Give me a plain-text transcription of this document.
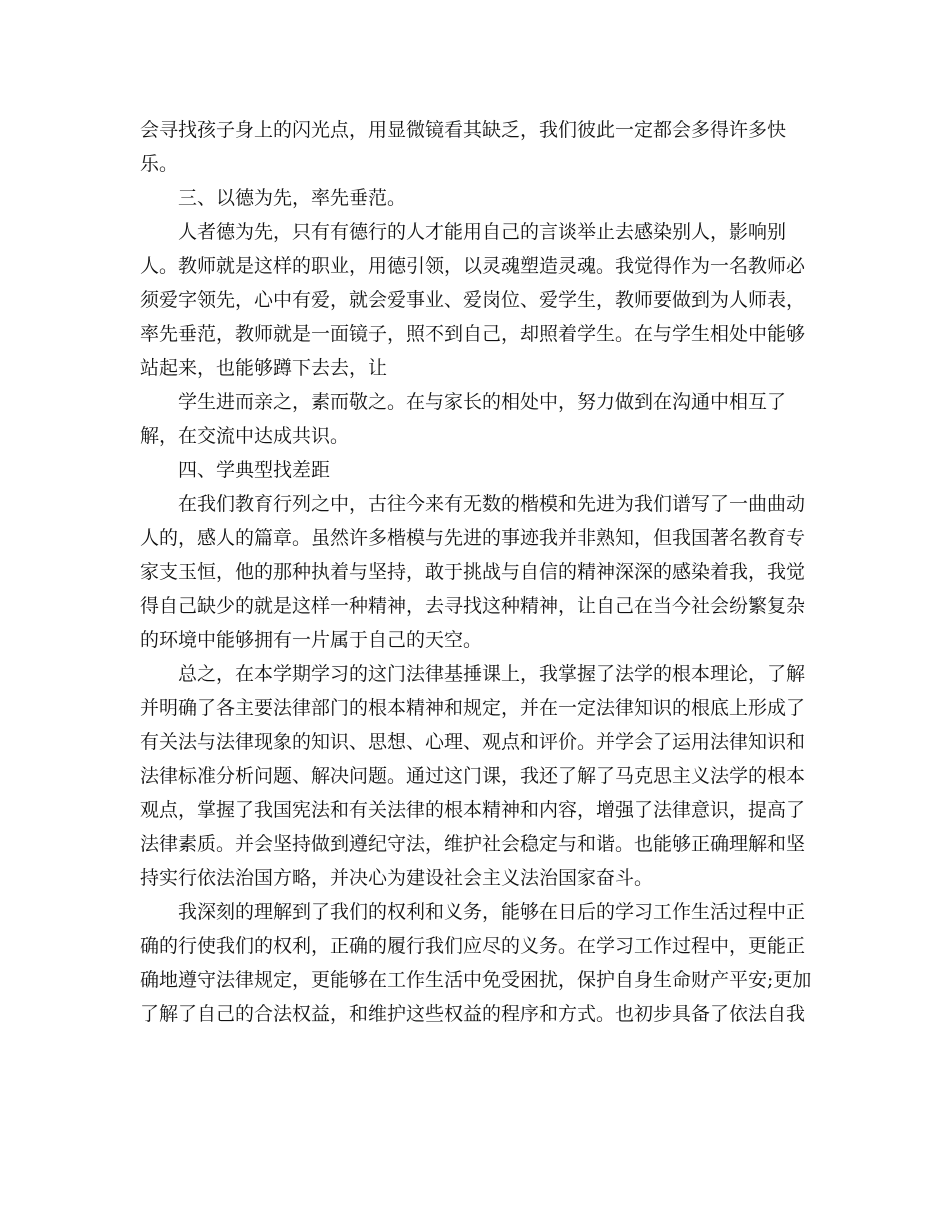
会寻找孩子身上的闪光点，用显微镜看其缺乏，我们彼此一定都会多得许多快乐。

三、以德为先，率先垂范。

人者德为先，只有有德行的人才能用自己的言谈举止去感染别人，影响别人。教师就是这样的职业，用德引领，以灵魂塑造灵魂。我觉得作为一名教师必须爱字领先，心中有爱，就会爱事业、爱岗位、爱学生，教师要做到为人师表，率先垂范，教师就是一面镜子，照不到自己，却照着学生。在与学生相处中能够站起来，也能够蹲下去去，让

学生进而亲之，素而敬之。在与家长的相处中，努力做到在沟通中相互了解，在交流中达成共识。

四、学典型找差距

在我们教育行列之中，古往今来有无数的楷模和先进为我们谱写了一曲曲动人的，感人的篇章。虽然许多楷模与先进的事迹我并非熟知，但我国著名教育专家支玉恒，他的那种执着与坚持，敢于挑战与自信的精神深深的感染着我，我觉得自己缺少的就是这样一种精神，去寻找这种精神，让自己在当今社会纷繁复杂的环境中能够拥有一片属于自己的天空。

总之，在本学期学习的这门法律基捶课上，我掌握了法学的根本理论，了解并明确了各主要法律部门的根本精神和规定，并在一定法律知识的根底上形成了有关法与法律现象的知识、思想、心理、观点和评价。并学会了运用法律知识和法律标准分析问题、解决问题。通过这门课，我还了解了马克思主义法学的根本观点，掌握了我国宪法和有关法律的根本精神和内容，增强了法律意识，提高了法律素质。并会坚持做到遵纪守法，维护社会稳定与和谐。也能够正确理解和坚持实行依法治国方略，并决心为建设社会主义法治国家奋斗。

我深刻的理解到了我们的权利和义务，能够在日后的学习工作生活过程中正确的行使我们的权利，正确的履行我们应尽的义务。在学习工作过程中，更能正确地遵守法律规定，更能够在工作生活中免受困扰，保护自身生命财产平安;更加了解了自己的合法权益，和维护这些权益的程序和方式。也初步具备了依法自我
